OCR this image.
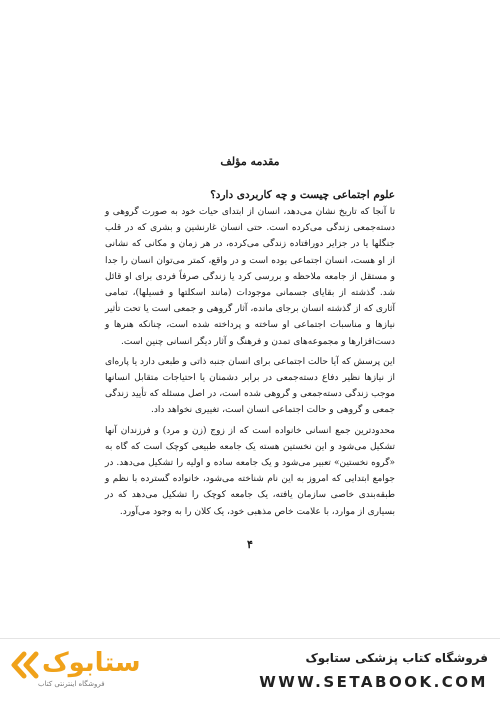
مقدمه مؤلف

علوم اجتماعی چیست و چه کاربردی دارد؟

تا آنجا که تاریخ نشان می‌دهد، انسان از ابتدای حیات خود به صورت گروهی و دسته‌جمعی زندگی می‌کرده است. حتی انسان غارنشین و بشری که در قلب جنگلها یا در جزایر دورافتاده زندگی می‌کرده، در هر زمان و مکانی که نشانی از او هست، انسان اجتماعی بوده است و در واقع، کمتر می‌توان انسان را جدا و مستقل از جامعه ملاحظه و بررسی کرد یا زندگی صرفاً فردی برای او قائل شد. گذشته از بقایای جسمانی موجودات (مانند اسکلتها و فسیلها)، تمامی آثاری که از گذشته انسان برجای مانده، آثار گروهی و جمعی است یا تحت تأثیر نیازها و مناسبات اجتماعی او ساخته و پرداخته شده است، چنانکه هنرها و دست‌افزارها و مجموعه‌های تمدن و فرهنگ و آثار دیگر انسانی چنین است.

این پرسش که آیا حالت اجتماعی برای انسان جنبه ذاتی و طبعی دارد یا پاره‌ای از نیازها نظیر دفاع دسته‌جمعی در برابر دشمنان یا احتیاجات متقابل انسانها موجب زندگی دسته‌جمعی و گروهی شده است، در اصل مسئله که تأیید زندگی جمعی و گروهی و حالت اجتماعی انسان است، تغییری نخواهد داد.

محدودترین جمع انسانی خانواده است که از زوج (زن و مرد) و فرزندان آنها تشکیل می‌شود و این نخستین هسته یک جامعه طبیعی کوچک است که گاه به «گروه نخستین» تعبیر می‌شود و یک جامعه ساده و اولیه را تشکیل می‌دهد. در جوامع ابتدایی که امروز به این نام شناخته می‌شود، خانواده گسترده با نظم و طبقه‌بندی خاصی سازمان یافته، یک جامعه کوچک را تشکیل می‌دهد که در بسیاری از موارد، با علامت خاص مذهبی خود، یک کلان را به وجود می‌آورد.

۴
ستابوک
فروشگاه اینترنتی کتاب
فروشگاه کتاب پزشکی ستابوک
WWW.SETABOOK.COM
